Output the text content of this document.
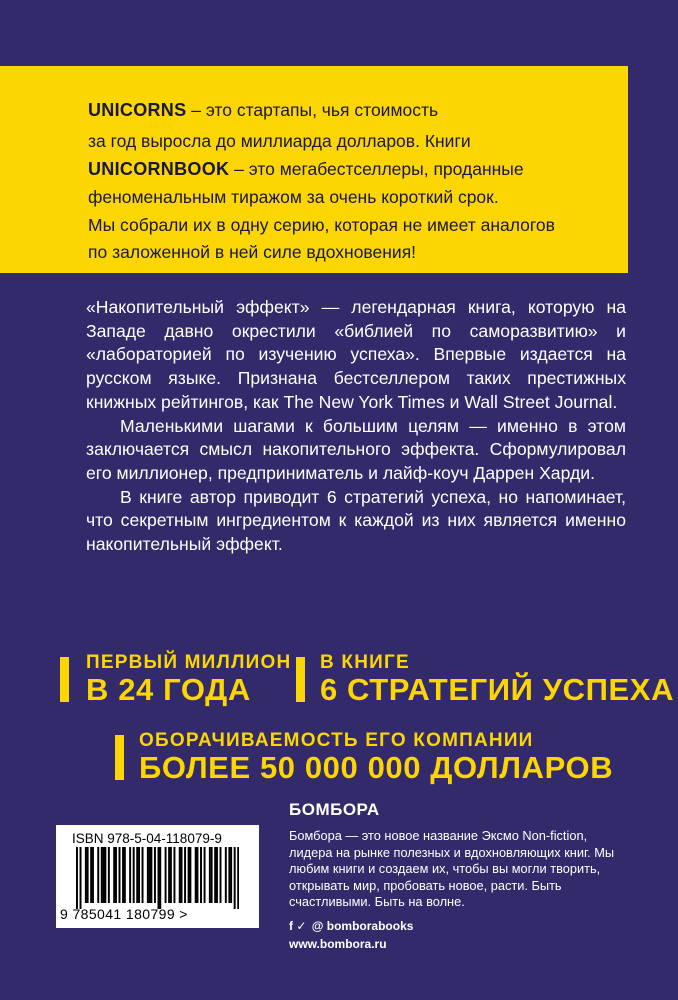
UNICORNS – это стартапы, чья стоимость
за год выросла до миллиарда долларов. Книги
UNICORNBOOK – это мегабестселлеры, проданные
феноменальным тиражом за очень короткий срок.
Мы собрали их в одну серию, которая не имеет аналогов
по заложенной в ней силе вдохновения!

«Накопительный эффект» — легендарная книга, которую на Западе давно окрестили «библией по саморазвитию» и «лабораторией по изучению успеха». Впервые издается на русском языке. Признана бестселлером таких престижных книжных рейтингов, как The New York Times и Wall Street Journal.

Маленькими шагами к большим целям — именно в этом заключается смысл накопительного эффекта. Сформулировал его миллионер, предприниматель и лайф-коуч Даррен Харди.

В книге автор приводит 6 стратегий успеха, но напоминает, что секретным ингредиентом к каждой из них является именно накопительный эффект.

ПЕРВЫЙ МИЛЛИОН
В 24 ГОДА
В КНИГЕ
6 СТРАТЕГИЙ УСПЕХА
ОБОРАЧИВАЕМОСТЬ ЕГО КОМПАНИИ
БОЛЕЕ 50 000 000 ДОЛЛАРОВ
ISBN 978-5-04-118079-9
9 785041 180799 >
БОМБОРА
Бомбора — это новое название Эксмо Non-fiction, лидера на рынке полезных и вдохновляющих книг. Мы любим книги и создаем их, чтобы вы могли творить, открывать мир, пробовать новое, расти. Быть счастливыми. Быть на волне.
f ✓ @ bomborabooks
www.bombora.ru
